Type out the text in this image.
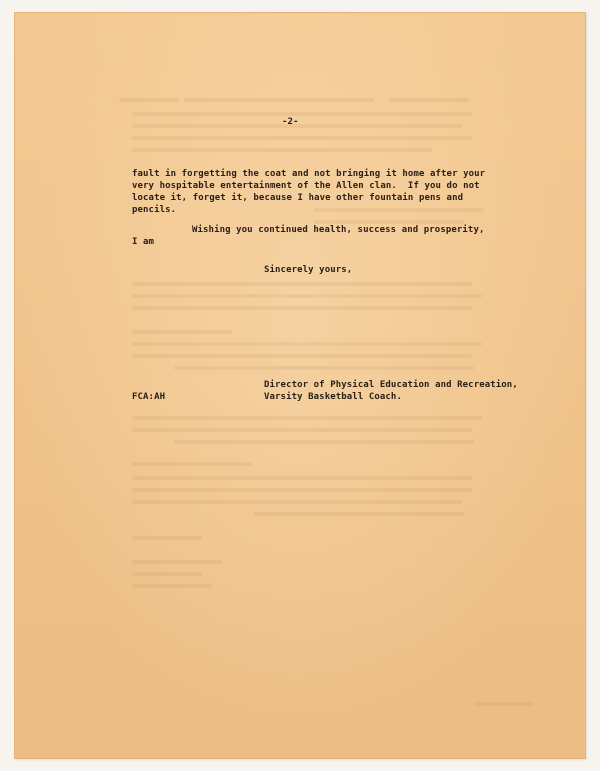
-2-
fault in forgetting the coat and not bringing it home after your
very hospitable entertainment of the Allen clan.  If you do not
locate it, forget it, because I have other fountain pens and
pencils.
Wishing you continued health, success and prosperity,
I am
Sincerely yours,
Director of Physical Education and Recreation,
Varsity Basketball Coach.
FCA:AH
